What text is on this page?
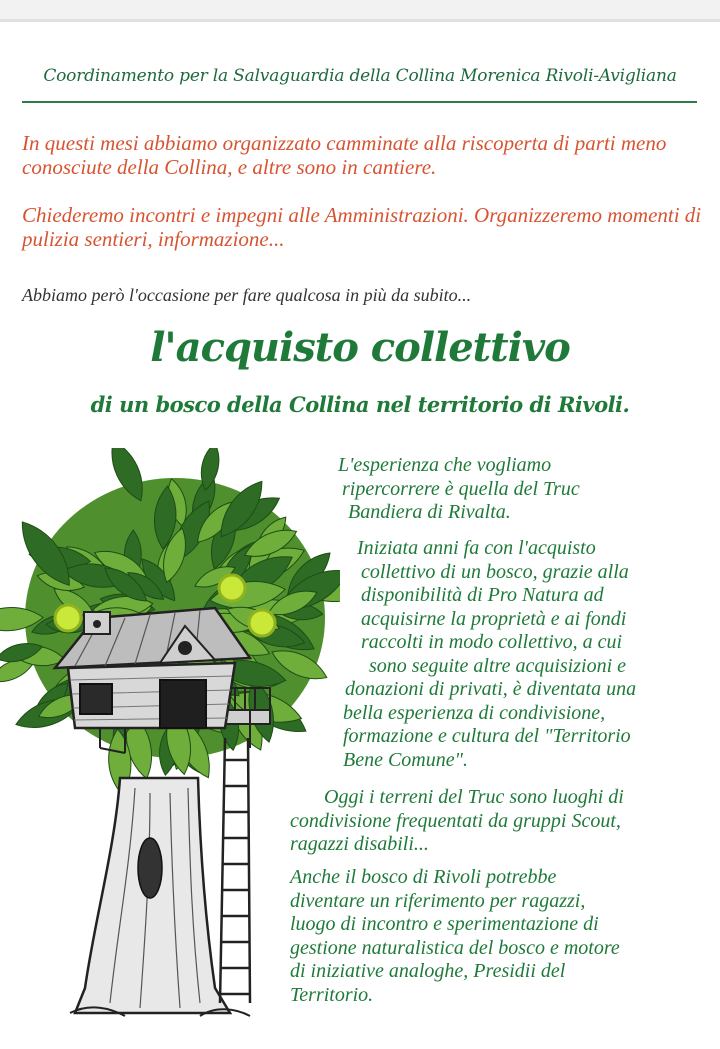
Coordinamento per la Salvaguardia della Collina Morenica Rivoli-Avigliana

In questi mesi abbiamo organizzato camminate alla riscoperta di parti meno conosciute della Collina, e altre sono in cantiere.

Chiederemo incontri e impegni alle Amministrazioni. Organizzeremo momenti di pulizia sentieri, informazione...

Abbiamo però l'occasione per fare qualcosa in più da subito...

l'acquisto collettivo
di un bosco della Collina nel territorio di Rivoli.
L'esperienza che vogliamo
ripercorrere è quella del Truc
Bandiera di Rivalta.
Iniziata anni fa con l'acquisto
collettivo di un bosco, grazie alla
disponibilità di Pro Natura ad
acquisirne la proprietà e ai fondi
raccolti in modo collettivo, a cui
sono seguite altre acquisizioni e
donazioni di privati, è diventata una
bella esperienza di condivisione,
formazione e cultura del "Territorio
Bene Comune".
Oggi i terreni del Truc sono luoghi di
condivisione frequentati da gruppi Scout,
ragazzi disabili...
Anche il bosco di Rivoli potrebbe
diventare un riferimento per ragazzi,
luogo di incontro e sperimentazione di
gestione naturalistica del bosco e motore
di iniziative analoghe, Presidii del
Territorio.
